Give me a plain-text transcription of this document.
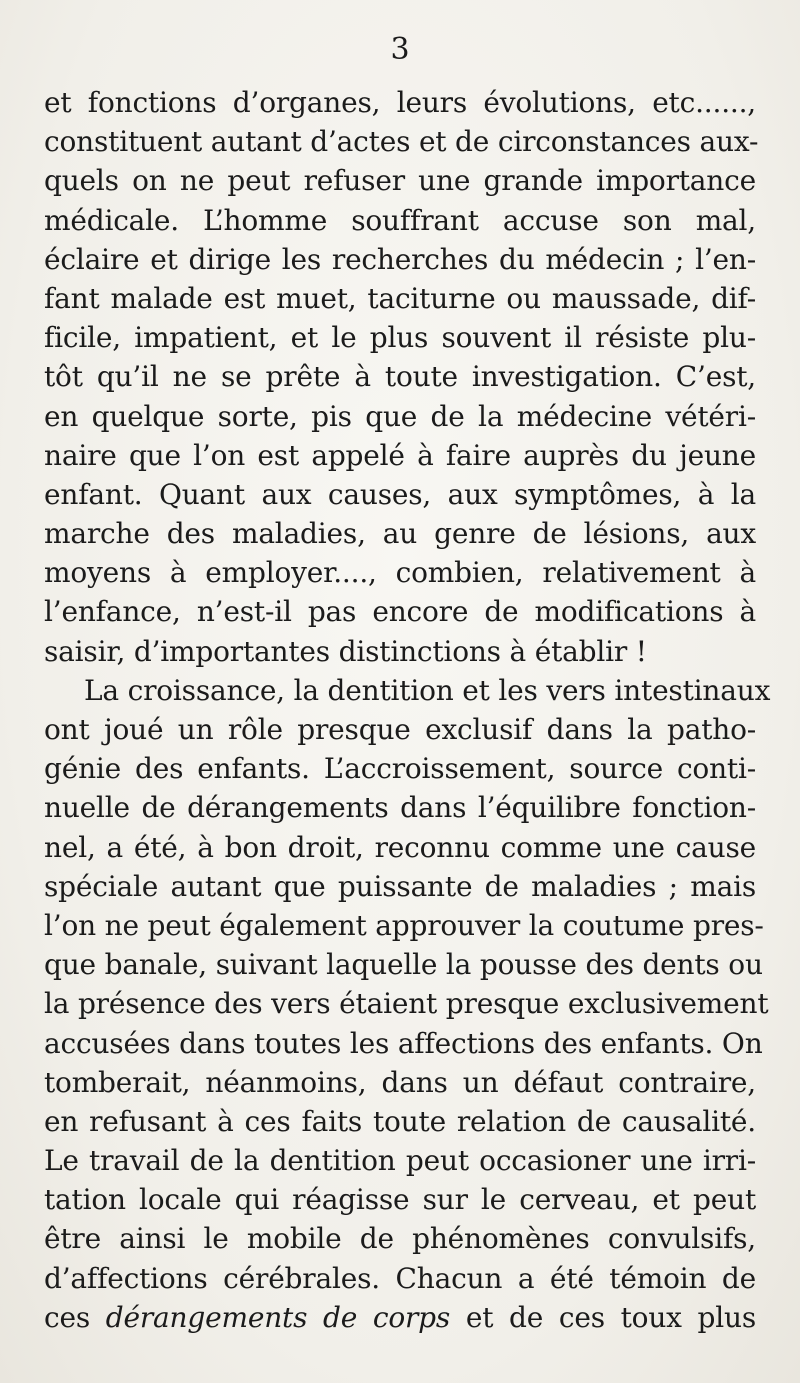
3
et fonctions d’organes, leurs évolutions, etc......,
constituent autant d’actes et de circonstances aux-
quels on ne peut refuser une grande importance
médicale. L’homme souffrant accuse son mal,
éclaire et dirige les recherches du médecin ; l’en-
fant malade est muet, taciturne ou maussade, dif-
ficile, impatient, et le plus souvent il résiste plu-
tôt qu’il ne se prête à toute investigation. C’est,
en quelque sorte, pis que de la médecine vétéri-
naire que l’on est appelé à faire auprès du jeune
enfant. Quant aux causes, aux symptômes, à la
marche des maladies, au genre de lésions, aux
moyens à employer...., combien, relativement à
l’enfance, n’est-il pas encore de modifications à
saisir, d’importantes distinctions à établir !
La croissance, la dentition et les vers intestinaux
ont joué un rôle presque exclusif dans la patho-
génie des enfants. L’accroissement, source conti-
nuelle de dérangements dans l’équilibre fonction-
nel, a été, à bon droit, reconnu comme une cause
spéciale autant que puissante de maladies ; mais
l’on ne peut également approuver la coutume pres-
que banale, suivant laquelle la pousse des dents ou
la présence des vers étaient presque exclusivement
accusées dans toutes les affections des enfants. On
tomberait, néanmoins, dans un défaut contraire,
en refusant à ces faits toute relation de causalité.
Le travail de la dentition peut occasioner une irri-
tation locale qui réagisse sur le cerveau, et peut
être ainsi le mobile de phénomènes convulsifs,
d’affections cérébrales. Chacun a été témoin de
ces dérangements de corps et de ces toux plus
